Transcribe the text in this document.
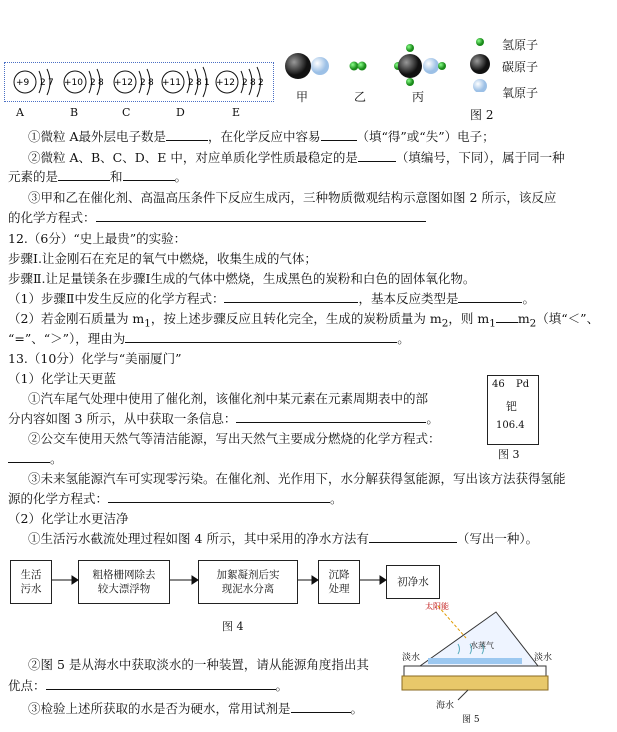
+9 2 7 +10 2 8 +12 2 8 +11 2 8 1 +12 2 8 2
A	B	C	D	E
氢原子
碳原子
氧原子
甲	乙	丙
图 2
①微粒 A最外层电子数是	，在化学反应中容易	（填“得”或“失”）电子；
②微粒 A、B、C、D、E 中，对应单质化学性质最稳定的是	（填编号，下同），属于同一种
元素的是	和	。
③甲和乙在催化剂、高温高压条件下反应生成丙，三种物质微观结构示意图如图 2 所示，该反应
的化学方程式：
12.（6分）“史上最贵”的实验：
步骤Ⅰ.让金刚石在充足的氧气中燃烧，收集生成的气体；
步骤Ⅱ.让足量镁条在步骤Ⅰ生成的气体中燃烧，生成黑色的炭粉和白色的固体氧化物。
（1）步骤Ⅱ中发生反应的化学方程式：	，基本反应类型是	。
（2）若金刚石质量为 $m_1$，按上述步骤反应且转化完全，生成的炭粉质量为 $m_2$，则 $m_1$ $m_2$（填“＜”、
“=”、“＞”），理由为	。
13.（10分）化学与“美丽厦门”
（1）化学让天更蓝
①汽车尾气处理中使用了催化剂，该催化剂中某元素在元素周期表中的部
分内容如图 3 所示，从中获取一条信息：	。
②公交车使用天然气等清洁能源，写出天然气主要成分燃烧的化学方程式：
。
③未来氢能源汽车可实现零污染。在催化剂、光作用下，水分解获得氢能源，写出该方法获得氢能
源的化学方程式：	。
（2）化学让水更洁净
①生活污水截流处理过程如图 4 所示，其中采用的净水方法有	（写出一种）。
46 Pd
钯
106.4
图 3
生活
污水
粗格栅网除去
较大漂浮物
加絮凝剂后实
现泥水分离
沉降
处理
初净水
图 4
太阳能
淡水
水蒸气
淡水
海水
图 5
②图 5 是从海水中获取淡水的一种装置，请从能源角度指出其
优点：	。
③检验上述所获取的水是否为硬水，常用试剂是	。
